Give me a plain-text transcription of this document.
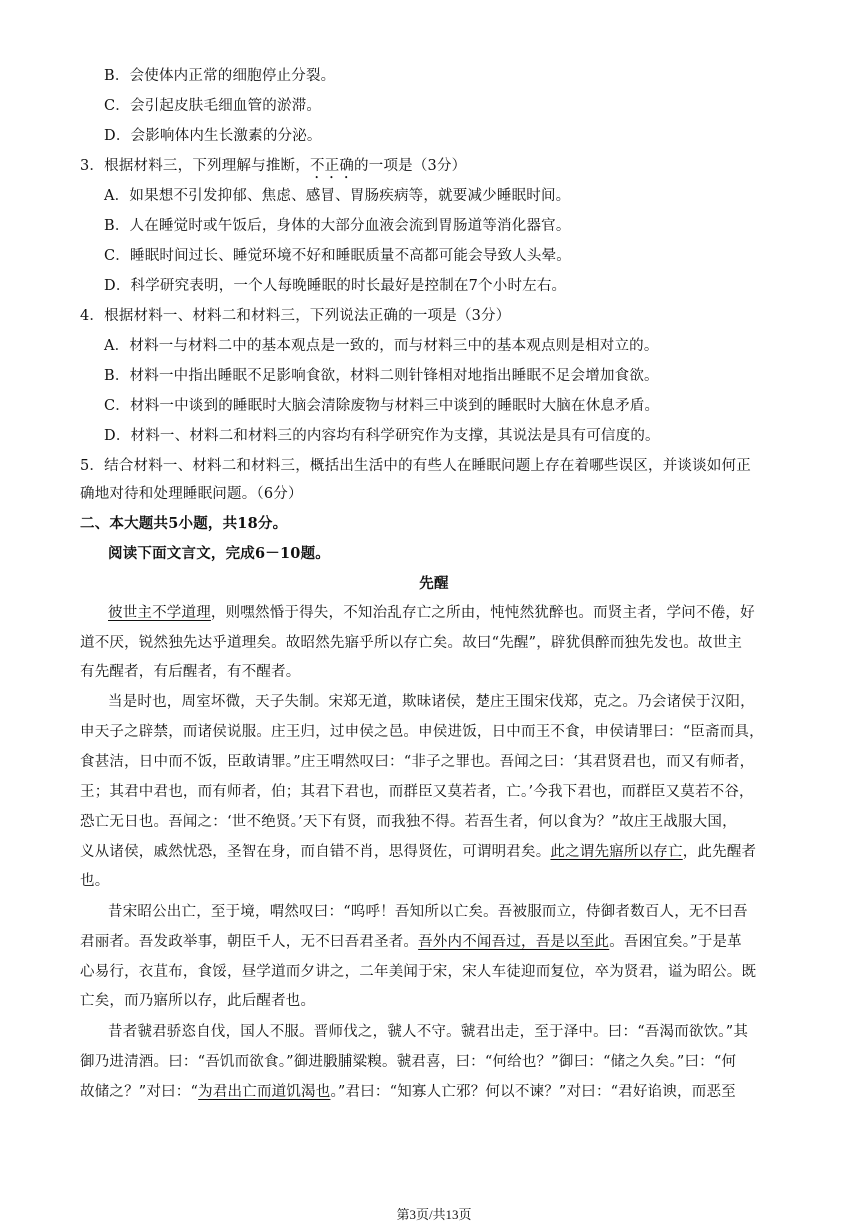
B．会使体内正常的细胞停止分裂。
C．会引起皮肤毛细血管的淤滞。
D．会影响体内生长激素的分泌。
3．根据材料三，下列理解与推断，不正确的一项是（3分）
A．如果想不引发抑郁、焦虑、感冒、胃肠疾病等，就要减少睡眠时间。
B．人在睡觉时或午饭后，身体的大部分血液会流到胃肠道等消化器官。
C．睡眠时间过长、睡觉环境不好和睡眠质量不高都可能会导致人头晕。
D．科学研究表明，一个人每晚睡眠的时长最好是控制在7个小时左右。
4．根据材料一、材料二和材料三，下列说法正确的一项是（3分）
A．材料一与材料二中的基本观点是一致的，而与材料三中的基本观点则是相对立的。
B．材料一中指出睡眠不足影响食欲，材料二则针锋相对地指出睡眠不足会增加食欲。
C．材料一中谈到的睡眠时大脑会清除废物与材料三中谈到的睡眠时大脑在休息矛盾。
D．材料一、材料二和材料三的内容均有科学研究作为支撑，其说法是具有可信度的。
5．结合材料一、材料二和材料三，概括出生活中的有些人在睡眠问题上存在着哪些误区，并谈谈如何正
确地对待和处理睡眠问题。（6分）
二、本大题共5小题，共18分。
阅读下面文言文，完成6－10题。
先醒
彼世主不学道理，则嘿然惛于得失，不知治乱存亡之所由，忳忳然犹醉也。而贤主者，学问不倦，好
道不厌，锐然独先达乎道理矣。故昭然先寤乎所以存亡矣。故曰“先醒”，辟犹俱醉而独先发也。故世主
有先醒者，有后醒者，有不醒者。
当是时也，周室坏微，天子失制。宋郑无道，欺昧诸侯，楚庄王围宋伐郑，克之。乃会诸侯于汉阳，
申天子之辟禁，而诸侯说服。庄王归，过申侯之邑。申侯进饭，日中而王不食，申侯请罪曰：“臣斋而具，
食甚洁，日中而不饭，臣敢请罪。”庄王喟然叹曰：“非子之罪也。吾闻之曰：‘其君贤君也，而又有师者，
王；其君中君也，而有师者，伯；其君下君也，而群臣又莫若者，亡。’今我下君也，而群臣又莫若不谷，
恐亡无日也。吾闻之：‘世不绝贤。’天下有贤，而我独不得。若吾生者，何以食为？”故庄王战服大国，
义从诸侯，戚然忧恐，圣智在身，而自错不肖，思得贤佐，可谓明君矣。此之谓先寤所以存亡，此先醒者
也。
昔宋昭公出亡，至于境，喟然叹曰：“呜呼！吾知所以亡矣。吾被服而立，侍御者数百人，无不曰吾
君丽者。吾发政举事，朝臣千人，无不曰吾君圣者。吾外内不闻吾过，吾是以至此。吾困宜矣。”于是革
心易行，衣苴布，食馁，昼学道而夕讲之，二年美闻于宋，宋人车徒迎而复位，卒为贤君，谥为昭公。既
亡矣，而乃寤所以存，此后醒者也。
昔者虢君骄恣自伐，国人不服。晋师伐之，虢人不守。虢君出走，至于泽中。曰：“吾渴而欲饮。”其
御乃进清酒。曰：“吾饥而欲食。”御进腶脯粱糗。虢君喜，曰：“何给也？”御曰：“储之久矣。”曰：“何
故储之？”对曰：“为君出亡而道饥渴也。”君曰：“知寡人亡邪？何以不谏？”对曰：“君好谄谀，而恶至
第3页/共13页
